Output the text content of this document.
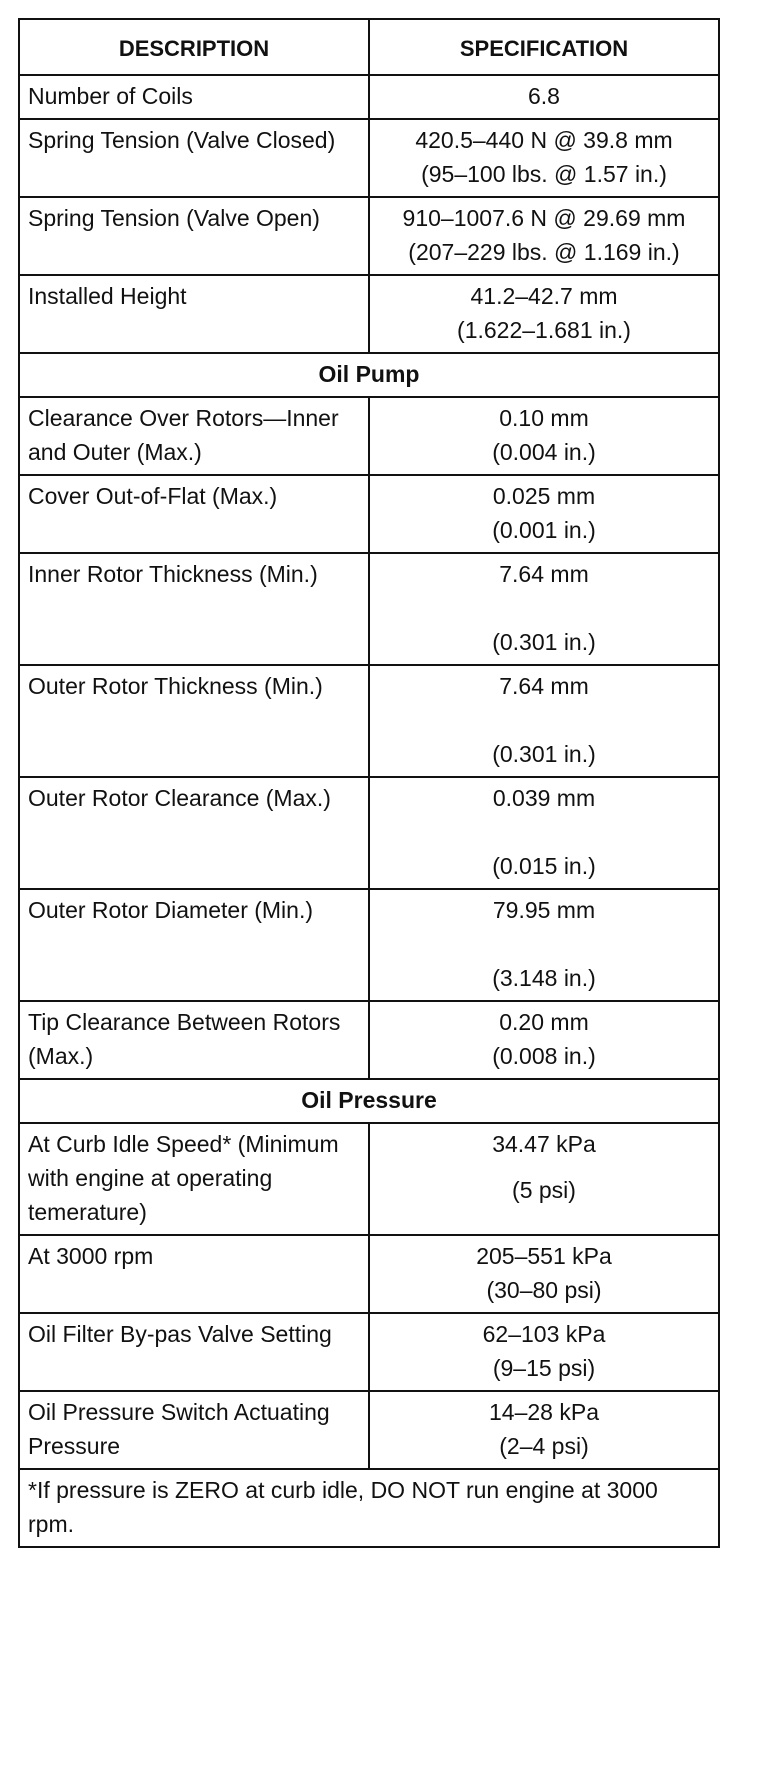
DESCRIPTION	SPECIFICATION
Number of Coils	6.8
Spring Tension (Valve Closed)	420.5–440 N @ 39.8 mm
(95–100 lbs. @ 1.57 in.)

Spring Tension (Valve Open)	910–1007.6 N @ 29.69 mm
(207–229 lbs. @ 1.169 in.)

Installed Height	41.2–42.7 mm
(1.622–1.681 in.)

Oil Pump	
Clearance Over Rotors—Inner and Outer (Max.)	0.10 mm
(0.004 in.)

Cover Out-of-Flat (Max.)	0.025 mm
(0.001 in.)

Inner Rotor Thickness (Min.)	7.64 mm
(0.301 in.)

Outer Rotor Thickness (Min.)	7.64 mm
(0.301 in.)

Outer Rotor Clearance (Max.)	0.039 mm
(0.015 in.)

Outer Rotor Diameter (Min.)	79.95 mm
(3.148 in.)

Tip Clearance Between Rotors (Max.)	0.20 mm
(0.008 in.)

Oil Pressure	
At Curb Idle Speed* (Minimum with engine at operating temerature)	34.47 kPa
(5 psi)

At 3000 rpm	205–551 kPa
(30–80 psi)

Oil Filter By-pas Valve Setting	62–103 kPa
(9–15 psi)

Oil Pressure Switch Actuating Pressure	14–28 kPa
(2–4 psi)

*If pressure is ZERO at curb idle, DO NOT run engine at 3000 rpm.	
